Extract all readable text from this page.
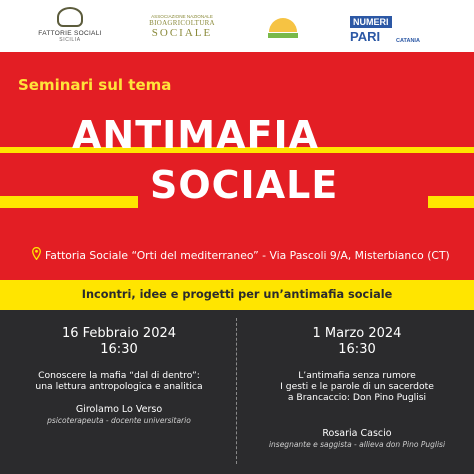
FATTORIE SOCIALI
SICILIA
ASSOCIAZIONE NAZIONALE
BIOAGRICOLTURA
SOCIALE
NUMERI
PARI	CATANIA
Seminari sul tema
ANTIMAFIA
SOCIALE
Fattoria Sociale “Orti del mediterraneo” - Via Pascoli 9/A, Misterbianco (CT)
Incontri, idee e progetti per un’antimafia sociale
16 Febbraio 2024
16:30
Conoscere la mafia “dal di dentro”:
una lettura antropologica e analitica
Girolamo Lo Verso
psicoterapeuta - docente universitario
1 Marzo 2024
16:30
L’antimafia senza rumore
I gesti e le parole di un sacerdote
a Brancaccio: Don Pino Puglisi
Rosaria Cascio
insegnante e saggista - allieva don Pino Puglisi
